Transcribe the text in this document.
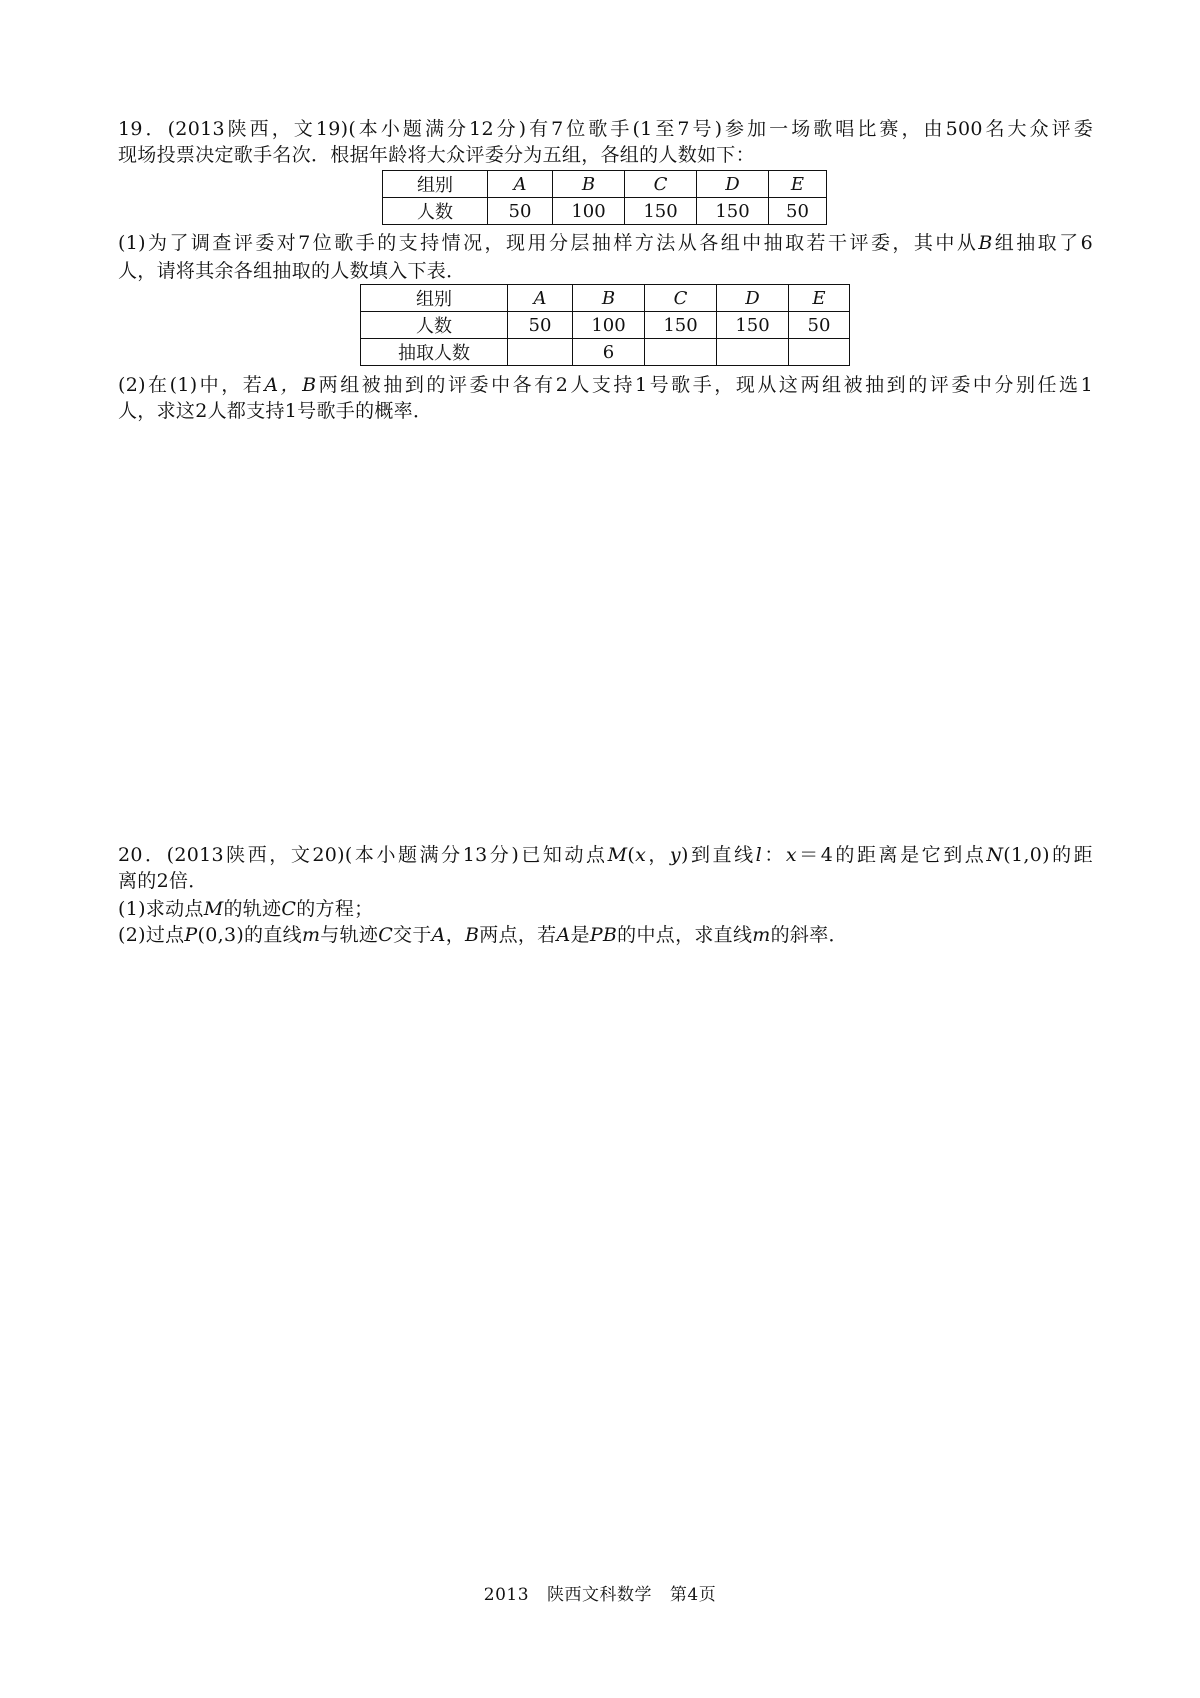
19．(2013陕西，文19)(本小题满分12分)有7位歌手(1至7号)参加一场歌唱比赛，由500名大众评委
现场投票决定歌手名次．根据年龄将大众评委分为五组，各组的人数如下：
组别	A	B	C	D	E
人数	50	100	150	150	50
(1)为了调查评委对7位歌手的支持情况，现用分层抽样方法从各组中抽取若干评委，其中从B组抽取了6
人，请将其余各组抽取的人数填入下表．
组别	A	B	C	D	E
人数	50	100	150	150	50
抽取人数		6			
(2)在(1)中，若A，B两组被抽到的评委中各有2人支持1号歌手，现从这两组被抽到的评委中分别任选1
人，求这2人都支持1号歌手的概率．
20．(2013陕西，文20)(本小题满分13分)已知动点M(x，y)到直线l：x＝4的距离是它到点N(1,0)的距
离的2倍．
(1)求动点M的轨迹C的方程；
(2)过点P(0,3)的直线m与轨迹C交于A，B两点，若A是PB的中点，求直线m的斜率．
2013 陕西文科数学 第4页
